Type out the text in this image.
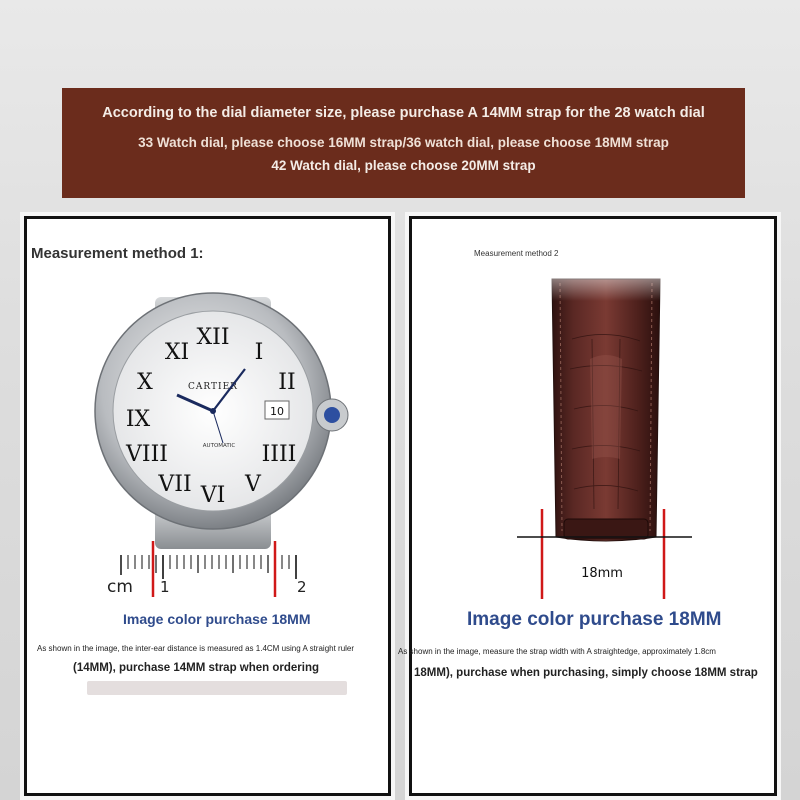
According to the dial diameter size, please purchase A 14MM strap for the 28 watch dial
33 Watch dial, please choose 16MM strap/36 watch dial, please choose 18MM strap
42 Watch dial, please choose 20MM strap
Measurement method 1:
XII
I
II
XI
X
IX
VIII
VII VI V
IIII
10
CARTIER
AUTOMATIC
cm 1	2
Image color purchase 18MM
As shown in the image, the inter-ear distance is measured as 1.4CM using A straight ruler
(14MM), purchase 14MM strap when ordering
Measurement method 2
18mm
Image color purchase 18MM
As shown in the image, measure the strap width with A straightedge, approximately 1.8cm
18MM), purchase when purchasing, simply choose 18MM strap
